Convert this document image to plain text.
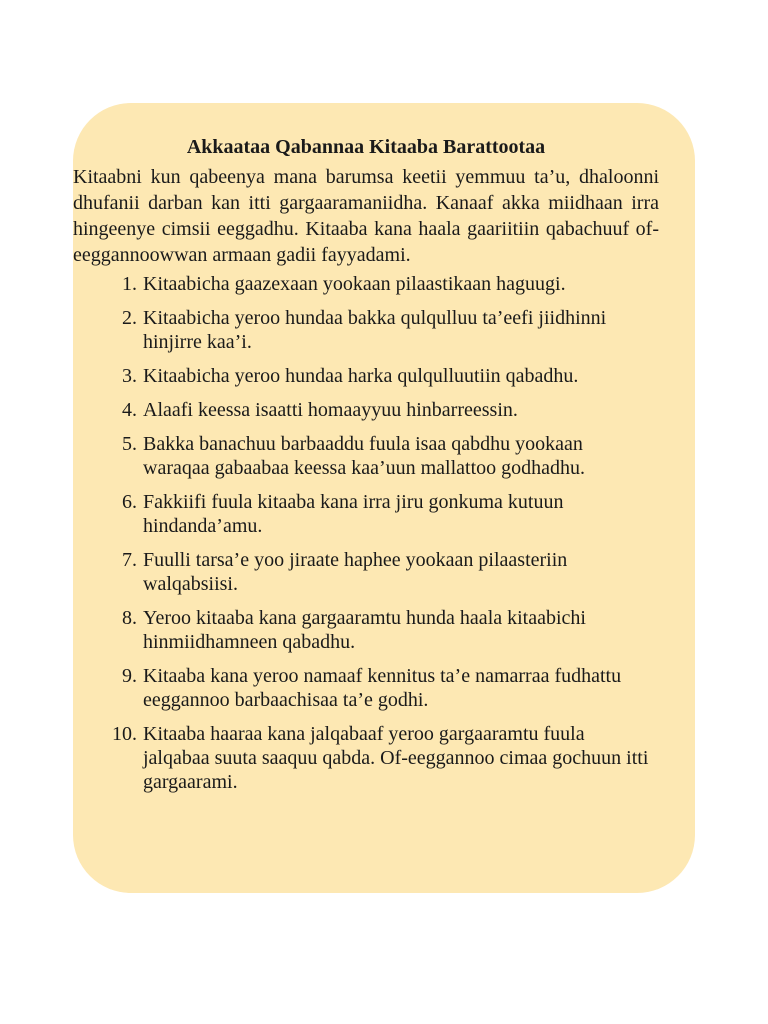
Akkaataa Qabannaa Kitaaba Barattootaa

Kitaabni kun qabeenya mana barumsa keetii yemmuu ta’u, dhaloonni dhufanii darban kan itti gargaaramaniidha. Kanaaf akka miidhaan irra hingeenye cimsii eeggadhu. Kitaaba kana haala gaariitiin qabachuuf of-eeggannoowwan armaan gadii fayyadami.

1. Kitaabicha gaazexaan yookaan pilaastikaan haguugi.
2. Kitaabicha yeroo hundaa bakka qulqulluu ta’eefi jiidhinni hinjirre kaa’i.
3. Kitaabicha yeroo hundaa harka qulqulluutiin qabadhu.
4. Alaafi keessa isaatti homaayyuu hinbarreessin.
5. Bakka banachuu barbaaddu fuula isaa qabdhu yookaan waraqaa gabaabaa keessa kaa’uun mallattoo godhadhu.
6. Fakkiifi fuula kitaaba kana irra jiru gonkuma kutuun hindanda’amu.
7. Fuulli tarsa’e yoo jiraate haphee yookaan pilaasteriin walqabsiisi.
8. Yeroo kitaaba kana gargaaramtu hunda haala kitaabichi hinmiidhamneen qabadhu.
9. Kitaaba kana yeroo namaaf kennitus ta’e namarraa fudhattu eeggannoo barbaachisaa ta’e godhi.
10. Kitaaba haaraa kana jalqabaaf yeroo gargaaramtu fuula jalqabaa suuta saaquu qabda. Of-eeggannoo cimaa gochuun itti gargaarami.
